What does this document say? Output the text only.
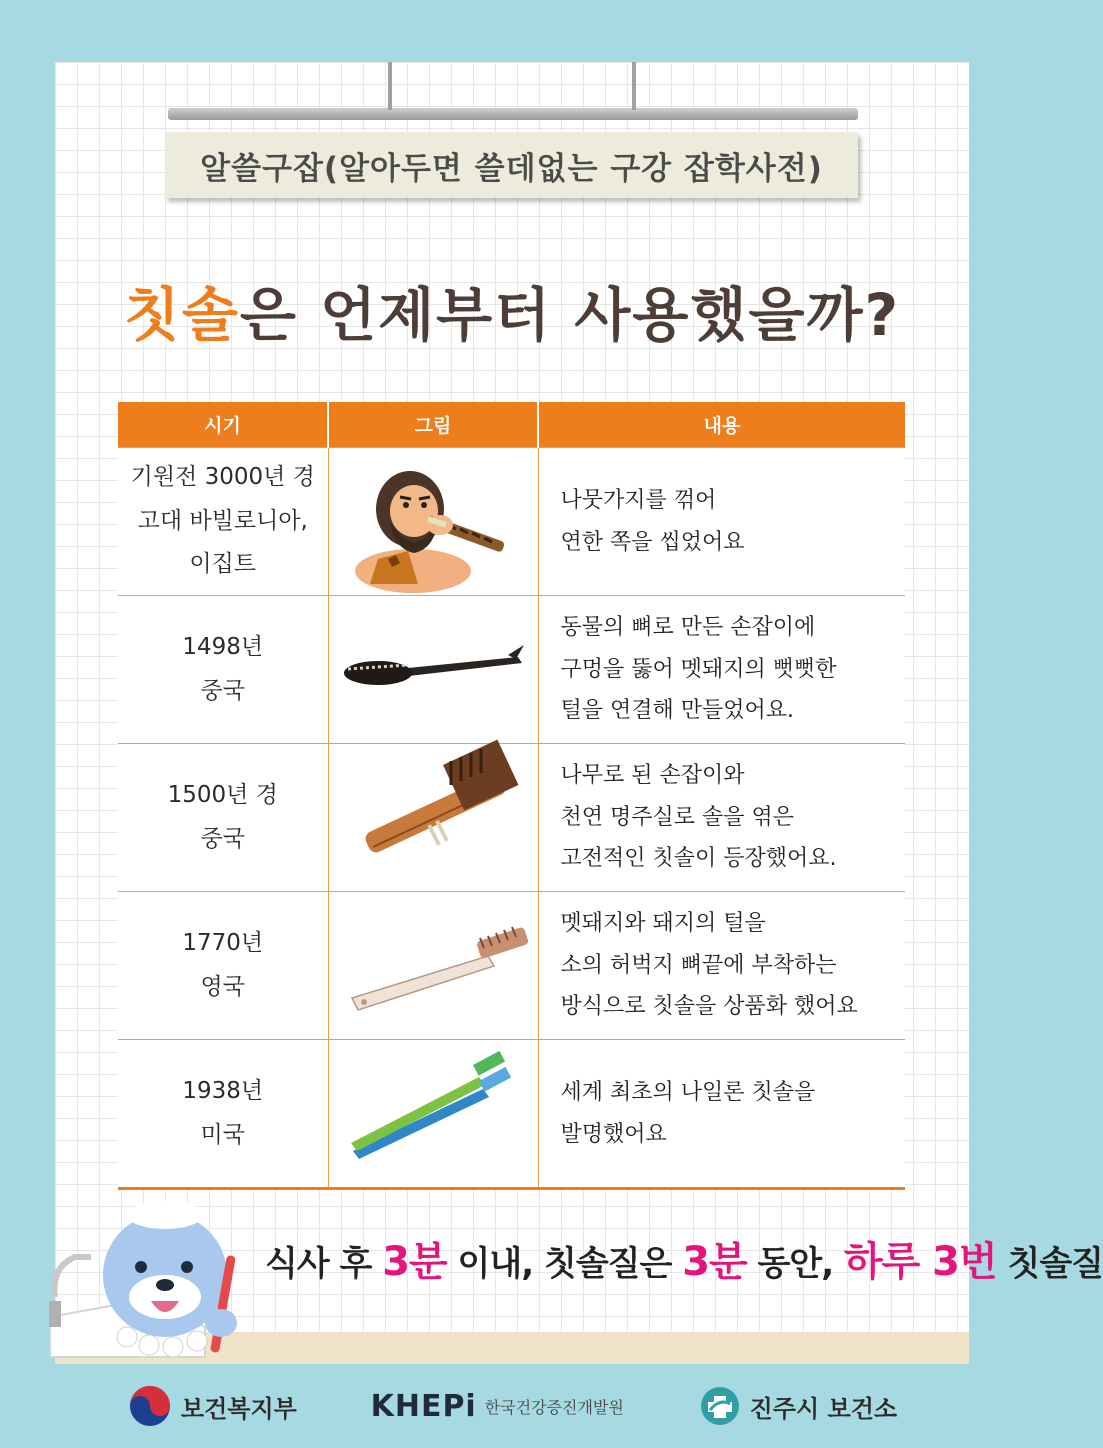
알쓸구잡(알아두면 쓸데없는 구강 잡학사전)
칫솔은 언제부터 사용했을까?
시기	그림	내용

기원전 3000년 경
고대 바빌로니아,
이집트		나뭇가지를 꺾어
연한 쪽을 씹었어요

1498년
중국		동물의 뼈로 만든 손잡이에
구멍을 뚫어 멧돼지의 뻣뻣한
털을 연결해 만들었어요.

1500년 경
중국		나무로 된 손잡이와
천연 명주실로 솔을 엮은
고전적인 칫솔이 등장했어요.

1770년
영국		멧돼지와 돼지의 털을
소의 허벅지 뼈끝에 부착하는
방식으로 칫솔을 상품화 했어요

1938년
미국		세계 최초의 나일론 칫솔을
발명했어요
식사 후 3분 이내, 칫솔질은 3분 동안, 하루 3번 칫솔질
보건복지부 KHEPi 한국건강증진개발원	진주시 보건소
